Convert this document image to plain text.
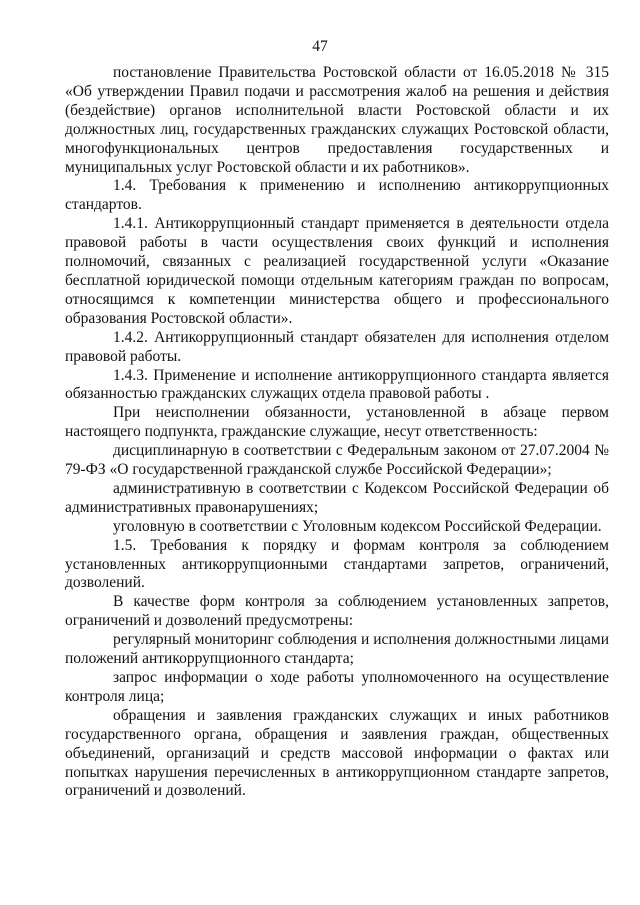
47

постановление Правительства Ростовской области от 16.05.2018 № 315 «Об утверждении Правил подачи и рассмотрения жалоб на решения и действия (бездействие) органов исполнительной власти Ростовской области и их должностных лиц, государственных гражданских служащих Ростовской области, многофункциональных центров предоставления государственных и муниципальных услуг Ростовской области и их работников».

1.4. Требования к применению и исполнению антикоррупционных стандартов.

1.4.1. Антикоррупционный стандарт применяется в деятельности отдела правовой работы в части осуществления своих функций и исполнения полномочий, связанных с реализацией государственной услуги «Оказание бесплатной юридической помощи отдельным категориям граждан по вопросам, относящимся к компетенции министерства общего и профессионального образования Ростовской области».

1.4.2. Антикоррупционный стандарт обязателен для исполнения отделом правовой работы.

1.4.3. Применение и исполнение антикоррупционного стандарта является обязанностью гражданских служащих отдела правовой работы .

При неисполнении обязанности, установленной в абзаце первом настоящего подпункта, гражданские служащие, несут ответственность:

дисциплинарную в соответствии с Федеральным законом от 27.07.2004 № 79-ФЗ «О государственной гражданской службе Российской Федерации»;

административную в соответствии с Кодексом Российской Федерации об административных правонарушениях;

уголовную в соответствии с Уголовным кодексом Российской Федерации.

1.5. Требования к порядку и формам контроля за соблюдением установленных антикоррупционными стандартами запретов, ограничений, дозволений.

В качестве форм контроля за соблюдением установленных запретов, ограничений и дозволений предусмотрены:

регулярный мониторинг соблюдения и исполнения должностными лицами положений антикоррупционного стандарта;

запрос информации о ходе работы уполномоченного на осуществление контроля лица;

обращения и заявления гражданских служащих и иных работников государственного органа, обращения и заявления граждан, общественных объединений, организаций и средств массовой информации о фактах или попытках нарушения перечисленных в антикоррупционном стандарте запретов, ограничений и дозволений.
